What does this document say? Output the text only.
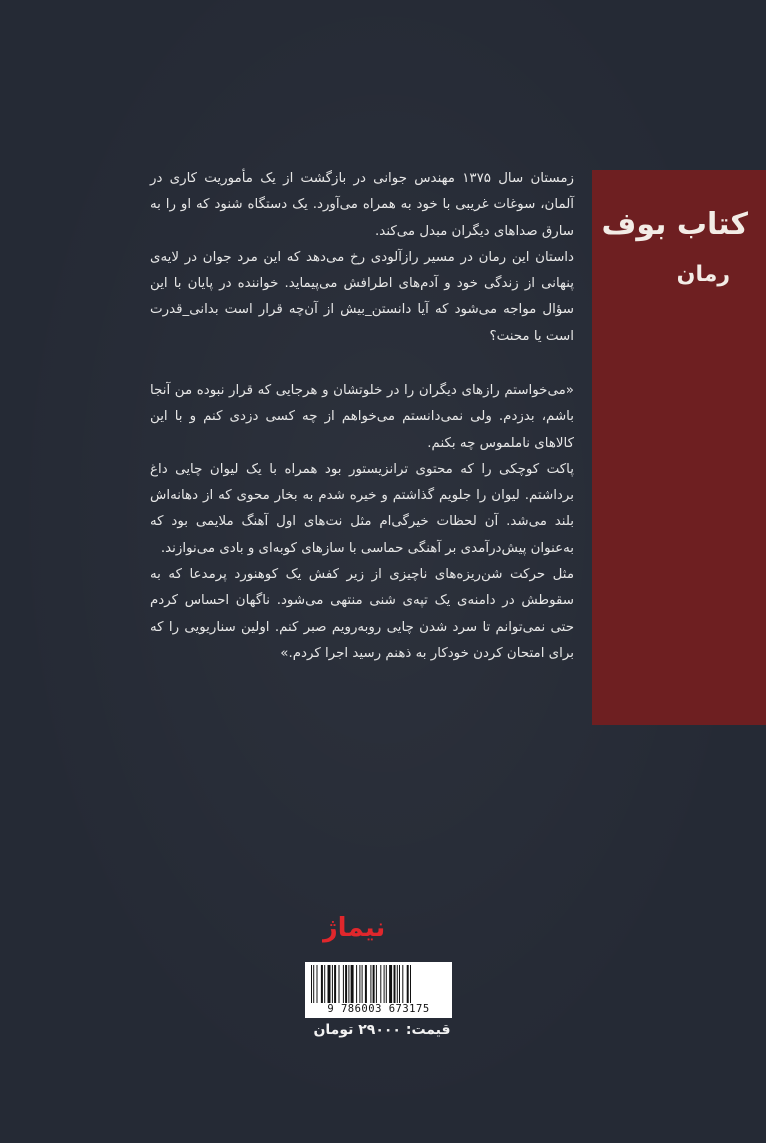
کتاب بوف
رمان

زمستان سال ۱۳۷۵ مهندس جوانی در بازگشت از یک مأموریت کاری در آلمان، سوغات غریبی با خود به همراه می‌آورد. یک دستگاه شنود که او را به سارق صداهای دیگران مبدل می‌کند.

داستان این رمان در مسیر رازآلودی رخ می‌دهد که این مرد جوان در لایه‌ی پنهانی از زندگی خود و آدم‌های اطرافش می‌پیماید. خواننده در پایان با این سؤال مواجه می‌شود که آیا دانستن_بیش از آن‌چه قرار است بدانی_قدرت است یا محنت؟

«می‌خواستم رازهای دیگران را در خلوتشان و هرجایی که قرار نبوده من آنجا باشم، بدزدم. ولی نمی‌دانستم می‌خواهم از چه کسی دزدی کنم و با این کالاهای ناملموس چه بکنم.

پاکت کوچکی را که محتوی ترانزیستور بود همراه با یک لیوان چایی داغ برداشتم. لیوان را جلویم گذاشتم و خیره شدم به بخار محوی که از دهانه‌اش بلند می‌شد. آن لحظات خیرگی‌ام مثل نت‌های اول آهنگ ملایمی بود که به‌عنوان پیش‌درآمدی بر آهنگی حماسی با سازهای کوبه‌ای و بادی می‌نوازند.

مثل حرکت شن‌ریزه‌های ناچیزی از زیر کفش یک کوهنورد پرمدعا که به سقوطش در دامنه‌ی یک تپه‌ی شنی منتهی می‌شود. ناگهان احساس کردم حتی نمی‌توانم تا سرد شدن چایی روبه‌رویم صبر کنم. اولین سناریویی را که برای امتحان کردن خودکار به ذهنم رسید اجرا کردم.»

نیماژ
9 786003 673175
قیمت: ۲۹۰۰۰ تومان
